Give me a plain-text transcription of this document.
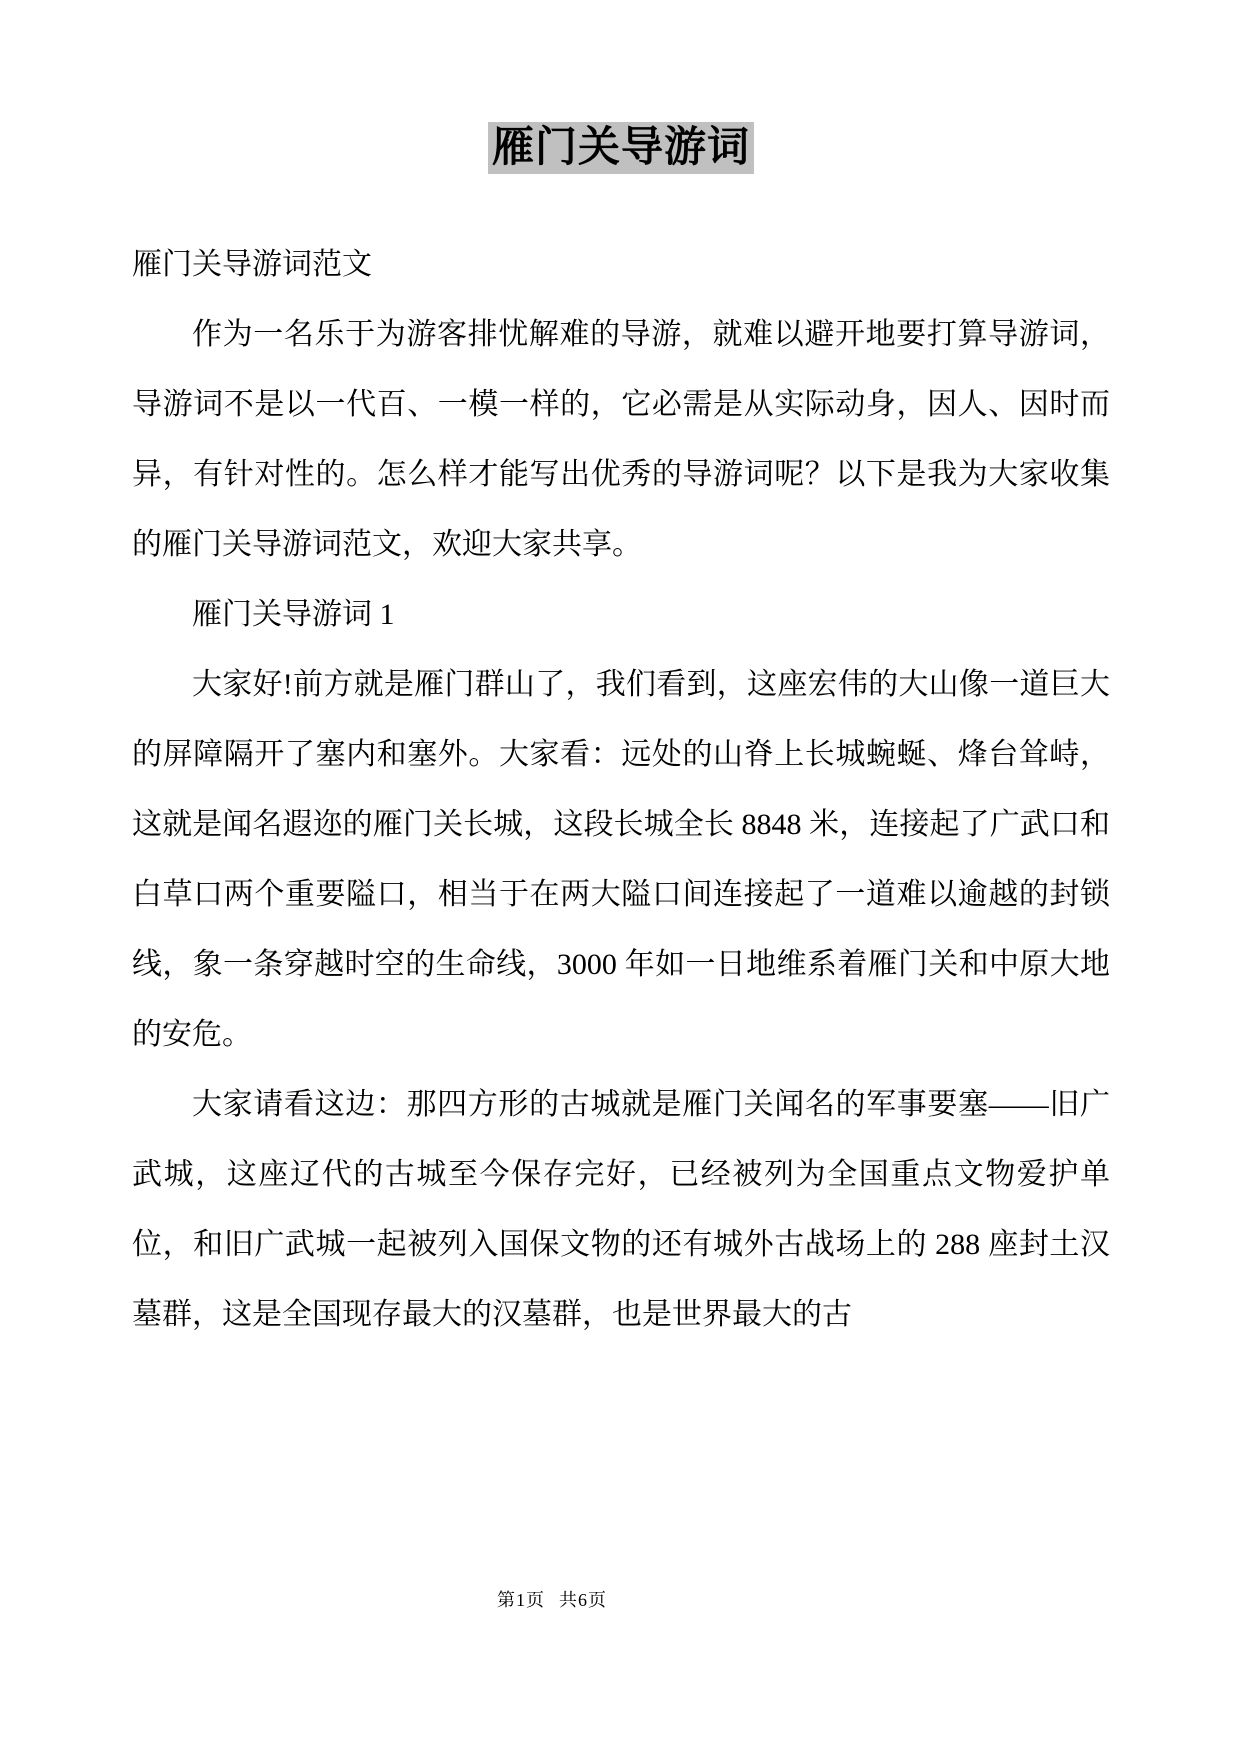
雁门关导游词

雁门关导游词范文

作为一名乐于为游客排忧解难的导游，就难以避开地要打算导游词，导游词不是以一代百、一模一样的，它必需是从实际动身，因人、因时而异，有针对性的。怎么样才能写出优秀的导游词呢？以下是我为大家收集的雁门关导游词范文，欢迎大家共享。

雁门关导游词 1

大家好!前方就是雁门群山了，我们看到，这座宏伟的大山像一道巨大的屏障隔开了塞内和塞外。大家看：远处的山脊上长城蜿蜒、烽台耸峙，这就是闻名遐迩的雁门关长城，这段长城全长 8848 米，连接起了广武口和白草口两个重要隘口，相当于在两大隘口间连接起了一道难以逾越的封锁线，象一条穿越时空的生命线，3000 年如一日地维系着雁门关和中原大地的安危。

大家请看这边：那四方形的古城就是雁门关闻名的军事要塞——旧广武城，这座辽代的古城至今保存完好，已经被列为全国重点文物爱护单位，和旧广武城一起被列入国保文物的还有城外古战场上的 288 座封土汉墓群，这是全国现存最大的汉墓群，也是世界最大的古

第1页 共6页
